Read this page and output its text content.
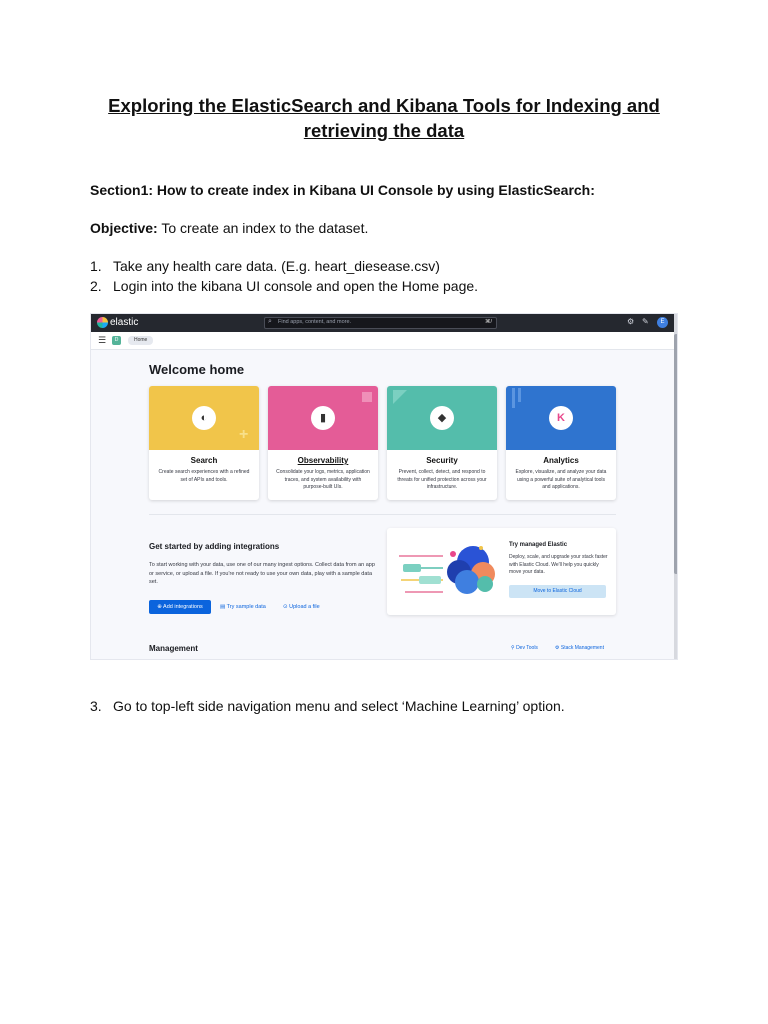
Exploring the ElasticSearch and Kibana Tools for Indexing and
retrieving the data
Section1: How to create index in Kibana UI Console by using ElasticSearch:
Objective: To create an index to the dataset.
1. Take any health care data. (E.g. heart_diesease.csv)
2. Login into the kibana UI console and open the Home page.
elastic	⌕ Find apps, content, and more.	⌘/	⚙ ✎	E
☰	D	Home
Welcome home
◐
+
Search
Create search experiences with a refined set of APIs and tools.
▮
Observability
Consolidate your logs, metrics, application traces, and system availability with purpose-built UIs.
◆
Security
Prevent, collect, detect, and respond to threats for unified protection across your infrastructure.
K
Analytics
Explore, visualize, and analyze your data using a powerful suite of analytical tools and applications.
Get started by adding integrations
To start working with your data, use one of our many ingest options. Collect data from an app or service, or upload a file. If you're not ready to use your own data, play with a sample data set.
⊕ Add integrations	▤ Try sample data	⊙ Upload a file
Try managed Elastic
Deploy, scale, and upgrade your stack faster with Elastic Cloud. We'll help you quickly move your data.
Move to Elastic Cloud
Management	⚲ Dev Tools	⚙ Stack Management
3. Go to top-left side navigation menu and select ‘Machine Learning’ option.
